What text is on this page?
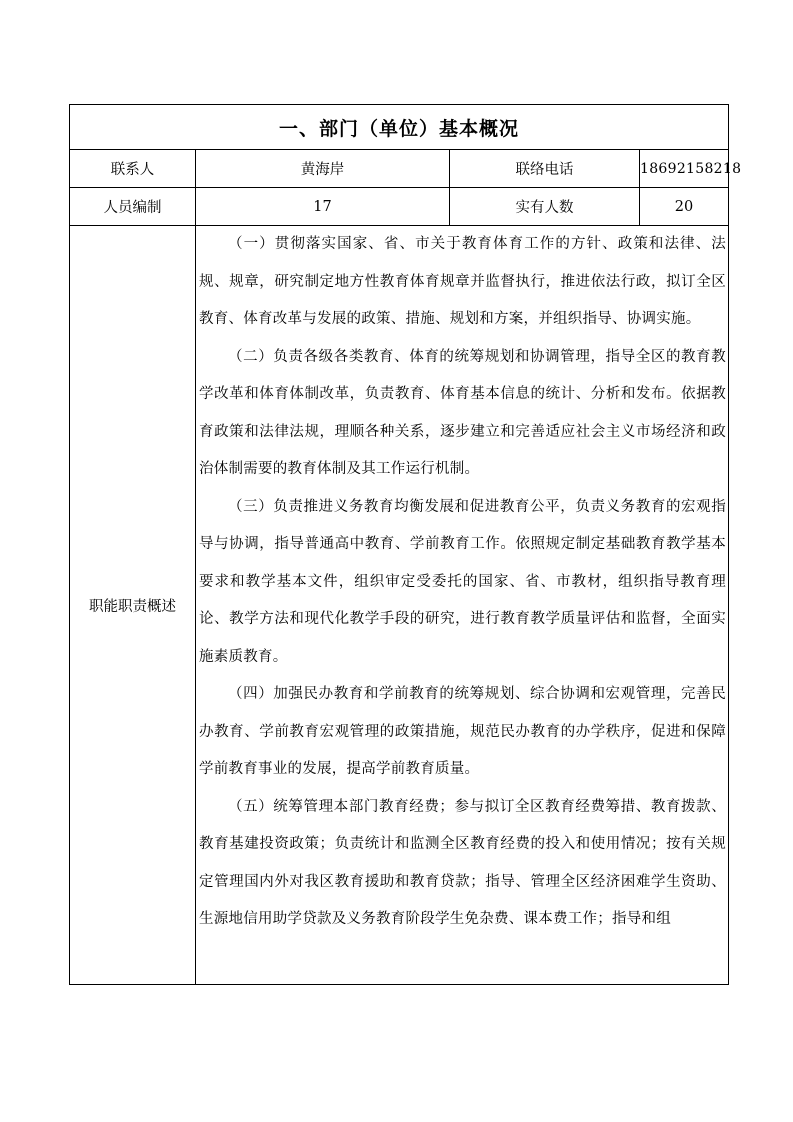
一、部门（单位）基本概况			
联系人	黄海岸	联络电话	18692158218
人员编制	17	实有人数	20
职能职责概述	（一）贯彻落实国家、省、市关于教育体育工作的方针、政策和法律、法规、规章，研究制定地方性教育体育规章并监督执行，推进依法行政，拟订全区教育、体育改革与发展的政策、措施、规划和方案，并组织指导、协调实施。

（二）负责各级各类教育、体育的统筹规划和协调管理，指导全区的教育教学改革和体育体制改革，负责教育、体育基本信息的统计、分析和发布。依据教育政策和法律法规，理顺各种关系，逐步建立和完善适应社会主义市场经济和政治体制需要的教育体制及其工作运行机制。

（三）负责推进义务教育均衡发展和促进教育公平，负责义务教育的宏观指导与协调，指导普通高中教育、学前教育工作。依照规定制定基础教育教学基本要求和教学基本文件，组织审定受委托的国家、省、市教材，组织指导教育理论、教学方法和现代化教学手段的研究，进行教育教学质量评估和监督，全面实施素质教育。

（四）加强民办教育和学前教育的统筹规划、综合协调和宏观管理，完善民办教育、学前教育宏观管理的政策措施，规范民办教育的办学秩序，促进和保障学前教育事业的发展，提高学前教育质量。

（五）统筹管理本部门教育经费；参与拟订全区教育经费筹措、教育拨款、教育基建投资政策；负责统计和监测全区教育经费的投入和使用情况；按有关规定管理国内外对我区教育援助和教育贷款；指导、管理全区经济困难学生资助、生源地信用助学贷款及义务教育阶段学生免杂费、课本费工作；指导和组		
